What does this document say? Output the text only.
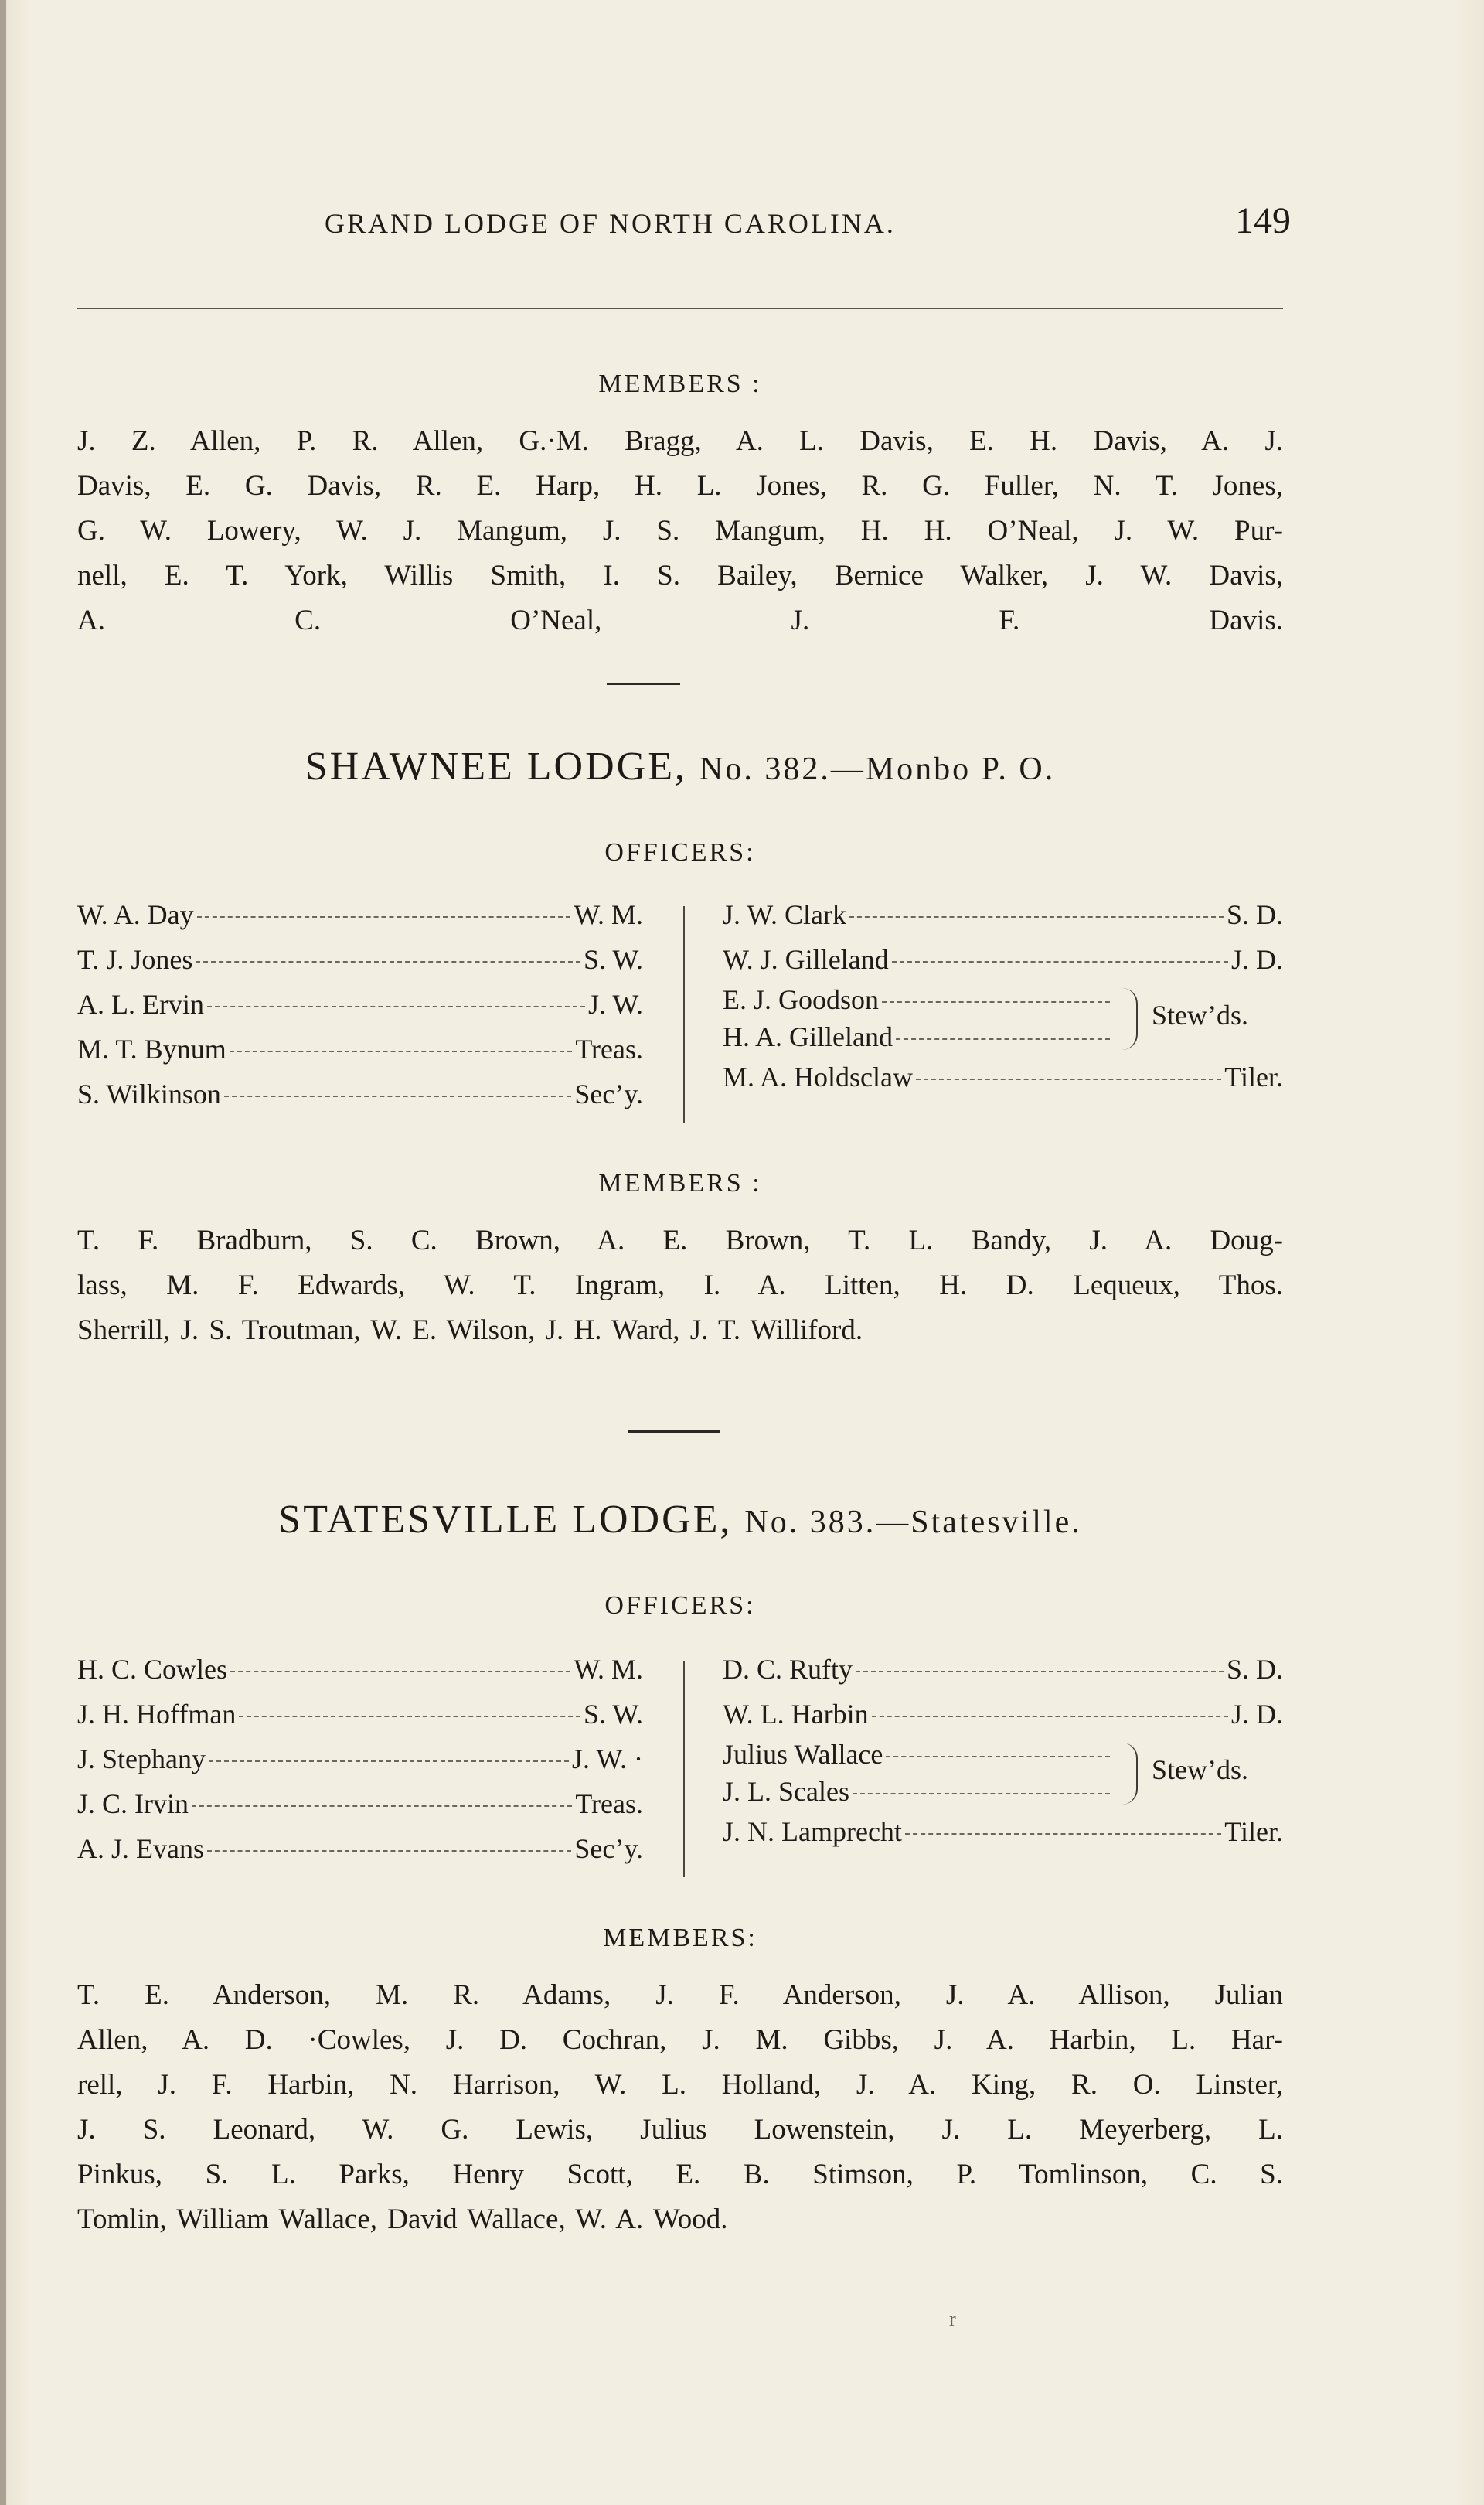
GRAND LODGE OF NORTH CAROLINA.	149
MEMBERS :
J. Z. Allen, P. R. Allen, G.·M. Bragg, A. L. Davis, E. H. Davis, A. J.
Davis, E. G. Davis, R. E. Harp, H. L. Jones, R. G. Fuller, N. T. Jones,
G. W. Lowery, W. J. Mangum, J. S. Mangum, H. H. O’Neal, J. W. Pur-
nell, E. T. York, Willis Smith, I. S. Bailey, Bernice Walker, J. W. Davis,
A. C. O’Neal, J. F. Davis.
SHAWNEE LODGE, No. 382.—Monbo P. O.
OFFICERS:
W. A. Day	W. M.
T. J. Jones	S. W.
A. L. Ervin	J. W.
M. T. Bynum	Treas.
S. Wilkinson	Sec’y.
J. W. Clark	S. D.
W. J. Gilleland	J. D.
E. J. Goodson
H. A. Gilleland
Stew’ds.
M. A. Holdsclaw	Tiler.
MEMBERS :
T. F. Bradburn, S. C. Brown, A. E. Brown, T. L. Bandy, J. A. Doug-
lass, M. F. Edwards, W. T. Ingram, I. A. Litten, H. D. Lequeux, Thos.
Sherrill, J. S. Troutman, W. E. Wilson, J. H. Ward, J. T. Williford.
STATESVILLE LODGE, No. 383.—Statesville.
OFFICERS:
H. C. Cowles	W. M.
J. H. Hoffman	S. W.
J. Stephany	J. W. ·
J. C. Irvin	Treas.
A. J. Evans	Sec’y.
D. C. Rufty	S. D.
W. L. Harbin	J. D.
Julius Wallace
J. L. Scales
Stew’ds.
J. N. Lamprecht	Tiler.
MEMBERS:
T. E. Anderson, M. R. Adams, J. F. Anderson, J. A. Allison, Julian
Allen, A. D. ·Cowles, J. D. Cochran, J. M. Gibbs, J. A. Harbin, L. Har-
rell, J. F. Harbin, N. Harrison, W. L. Holland, J. A. King, R. O. Linster,
J. S. Leonard, W. G. Lewis, Julius Lowenstein, J. L. Meyerberg, L.
Pinkus, S. L. Parks, Henry Scott, E. B. Stimson, P. Tomlinson, C. S.
Tomlin, William Wallace, David Wallace, W. A. Wood.
r
